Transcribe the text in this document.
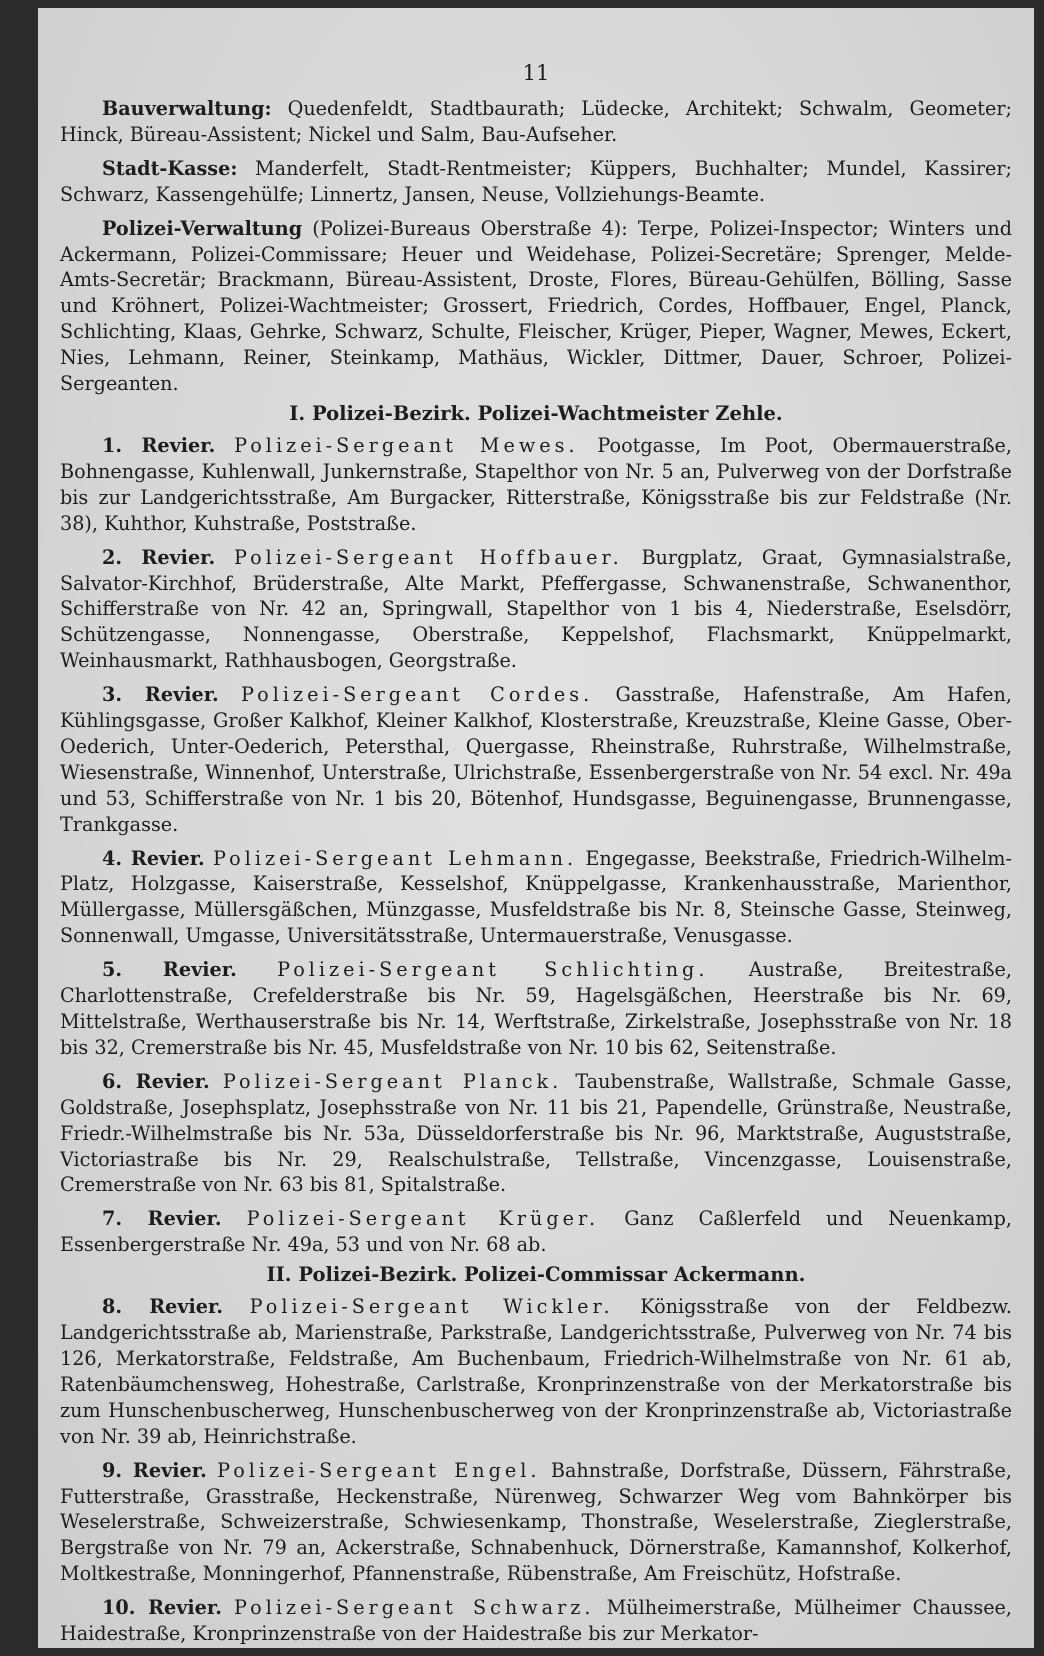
11

Bauverwaltung: Quedenfeldt, Stadtbaurath; Lüdecke, Architekt; Schwalm, Geometer; Hinck, Büreau-Assistent; Nickel und Salm, Bau-Aufseher.

Stadt-Kasse: Manderfelt, Stadt-Rentmeister; Küppers, Buchhalter; Mundel, Kassirer; Schwarz, Kassengehülfe; Linnertz, Jansen, Neuse, Vollziehungs-Beamte.

Polizei-Verwaltung (Polizei-Bureaus Oberstraße 4): Terpe, Polizei-Inspector; Winters und Ackermann, Polizei-Commissare; Heuer und Weidehase, Polizei-Secretäre; Sprenger, Melde-Amts-Secretär; Brackmann, Büreau-Assistent, Droste, Flores, Büreau-Gehülfen, Bölling, Sasse und Kröhnert, Polizei-Wachtmeister; Grossert, Friedrich, Cordes, Hoffbauer, Engel, Planck, Schlichting, Klaas, Gehrke, Schwarz, Schulte, Fleischer, Krüger, Pieper, Wagner, Mewes, Eckert, Nies, Lehmann, Reiner, Steinkamp, Mathäus, Wickler, Dittmer, Dauer, Schroer, Polizei-Sergeanten.

I. Polizei-Bezirk. Polizei-Wachtmeister Zehle.

1. Revier. Polizei-Sergeant Mewes. Pootgasse, Im Poot, Obermauerstraße, Bohnengasse, Kuhlenwall, Junkernstraße, Stapelthor von Nr. 5 an, Pulverweg von der Dorfstraße bis zur Landgerichtsstraße, Am Burgacker, Ritterstraße, Königsstraße bis zur Feldstraße (Nr. 38), Kuhthor, Kuhstraße, Poststraße.

2. Revier. Polizei-Sergeant Hoffbauer. Burgplatz, Graat, Gymnasialstraße, Salvator-Kirchhof, Brüderstraße, Alte Markt, Pfeffergasse, Schwanenstraße, Schwanenthor, Schifferstraße von Nr. 42 an, Springwall, Stapelthor von 1 bis 4, Niederstraße, Eselsdörr, Schützengasse, Nonnengasse, Oberstraße, Keppelshof, Flachsmarkt, Knüppelmarkt, Weinhausmarkt, Rathhausbogen, Georgstraße.

3. Revier. Polizei-Sergeant Cordes. Gasstraße, Hafenstraße, Am Hafen, Kühlingsgasse, Großer Kalkhof, Kleiner Kalkhof, Klosterstraße, Kreuzstraße, Kleine Gasse, Ober-Oederich, Unter-Oederich, Petersthal, Quergasse, Rheinstraße, Ruhrstraße, Wilhelmstraße, Wiesenstraße, Winnenhof, Unterstraße, Ulrichstraße, Essenbergerstraße von Nr. 54 excl. Nr. 49a und 53, Schifferstraße von Nr. 1 bis 20, Bötenhof, Hundsgasse, Beguinengasse, Brunnengasse, Trankgasse.

4. Revier. Polizei-Sergeant Lehmann. Engegasse, Beekstraße, Friedrich-Wilhelm-Platz, Holzgasse, Kaiserstraße, Kesselshof, Knüppelgasse, Krankenhausstraße, Marienthor, Müllergasse, Müllersgäßchen, Münzgasse, Musfeldstraße bis Nr. 8, Steinsche Gasse, Steinweg, Sonnenwall, Umgasse, Universitätsstraße, Untermauerstraße, Venusgasse.

5. Revier. Polizei-Sergeant Schlichting. Austraße, Breitestraße, Charlottenstraße, Crefelderstraße bis Nr. 59, Hagelsgäßchen, Heerstraße bis Nr. 69, Mittelstraße, Werthauserstraße bis Nr. 14, Werftstraße, Zirkelstraße, Josephsstraße von Nr. 18 bis 32, Cremerstraße bis Nr. 45, Musfeldstraße von Nr. 10 bis 62, Seitenstraße.

6. Revier. Polizei-Sergeant Planck. Taubenstraße, Wallstraße, Schmale Gasse, Goldstraße, Josephsplatz, Josephsstraße von Nr. 11 bis 21, Papendelle, Grünstraße, Neustraße, Friedr.-Wilhelmstraße bis Nr. 53a, Düsseldorferstraße bis Nr. 96, Marktstraße, Auguststraße, Victoriastraße bis Nr. 29, Realschulstraße, Tellstraße, Vincenzgasse, Louisenstraße, Cremerstraße von Nr. 63 bis 81, Spitalstraße.

7. Revier. Polizei-Sergeant Krüger. Ganz Caßlerfeld und Neuenkamp, Essenbergerstraße Nr. 49a, 53 und von Nr. 68 ab.

II. Polizei-Bezirk. Polizei-Commissar Ackermann.

8. Revier. Polizei-Sergeant Wickler. Königsstraße von der Feldbezw. Landgerichtsstraße ab, Marienstraße, Parkstraße, Landgerichtsstraße, Pulverweg von Nr. 74 bis 126, Merkatorstraße, Feldstraße, Am Buchenbaum, Friedrich-Wilhelmstraße von Nr. 61 ab, Ratenbäumchensweg, Hohestraße, Carlstraße, Kronprinzenstraße von der Merkatorstraße bis zum Hunschenbuscherweg, Hunschenbuscherweg von der Kronprinzenstraße ab, Victoriastraße von Nr. 39 ab, Heinrichstraße.

9. Revier. Polizei-Sergeant Engel. Bahnstraße, Dorfstraße, Düssern, Fährstraße, Futterstraße, Grasstraße, Heckenstraße, Nürenweg, Schwarzer Weg vom Bahnkörper bis Weselerstraße, Schweizerstraße, Schwiesenkamp, Thonstraße, Weselerstraße, Zieglerstraße, Bergstraße von Nr. 79 an, Ackerstraße, Schnabenhuck, Dörnerstraße, Kamannshof, Kolkerhof, Moltkestraße, Monningerhof, Pfannenstraße, Rübenstraße, Am Freischütz, Hofstraße.

10. Revier. Polizei-Sergeant Schwarz. Mülheimerstraße, Mülheimer Chaussee, Haidestraße, Kronprinzenstraße von der Haidestraße bis zur Merkator-
